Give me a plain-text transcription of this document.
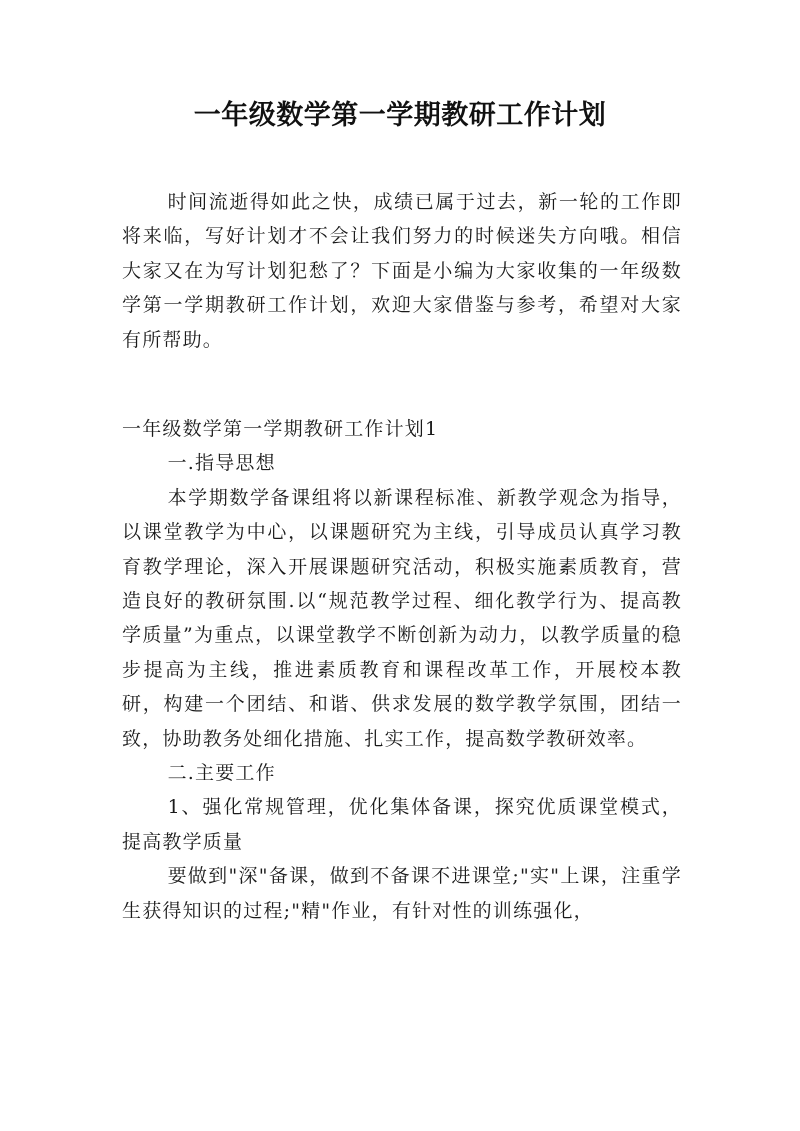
一年级数学第一学期教研工作计划

时间流逝得如此之快，成绩已属于过去，新一轮的工作即将来临，写好计划才不会让我们努力的时候迷失方向哦。相信大家又在为写计划犯愁了？下面是小编为大家收集的一年级数学第一学期教研工作计划，欢迎大家借鉴与参考，希望对大家有所帮助。

一年级数学第一学期教研工作计划1

一.指导思想

本学期数学备课组将以新课程标准、新教学观念为指导，以课堂教学为中心，以课题研究为主线，引导成员认真学习教育教学理论，深入开展课题研究活动，积极实施素质教育，营造良好的教研氛围.以“规范教学过程、细化教学行为、提高教学质量”为重点，以课堂教学不断创新为动力，以教学质量的稳步提高为主线，推进素质教育和课程改革工作，开展校本教研，构建一个团结、和谐、供求发展的数学教学氛围，团结一致，协助教务处细化措施、扎实工作，提高数学教研效率。

二.主要工作

1、强化常规管理，优化集体备课，探究优质课堂模式，提高教学质量

要做到"深"备课，做到不备课不进课堂;"实"上课，注重学生获得知识的过程;"精"作业，有针对性的训练强化，
